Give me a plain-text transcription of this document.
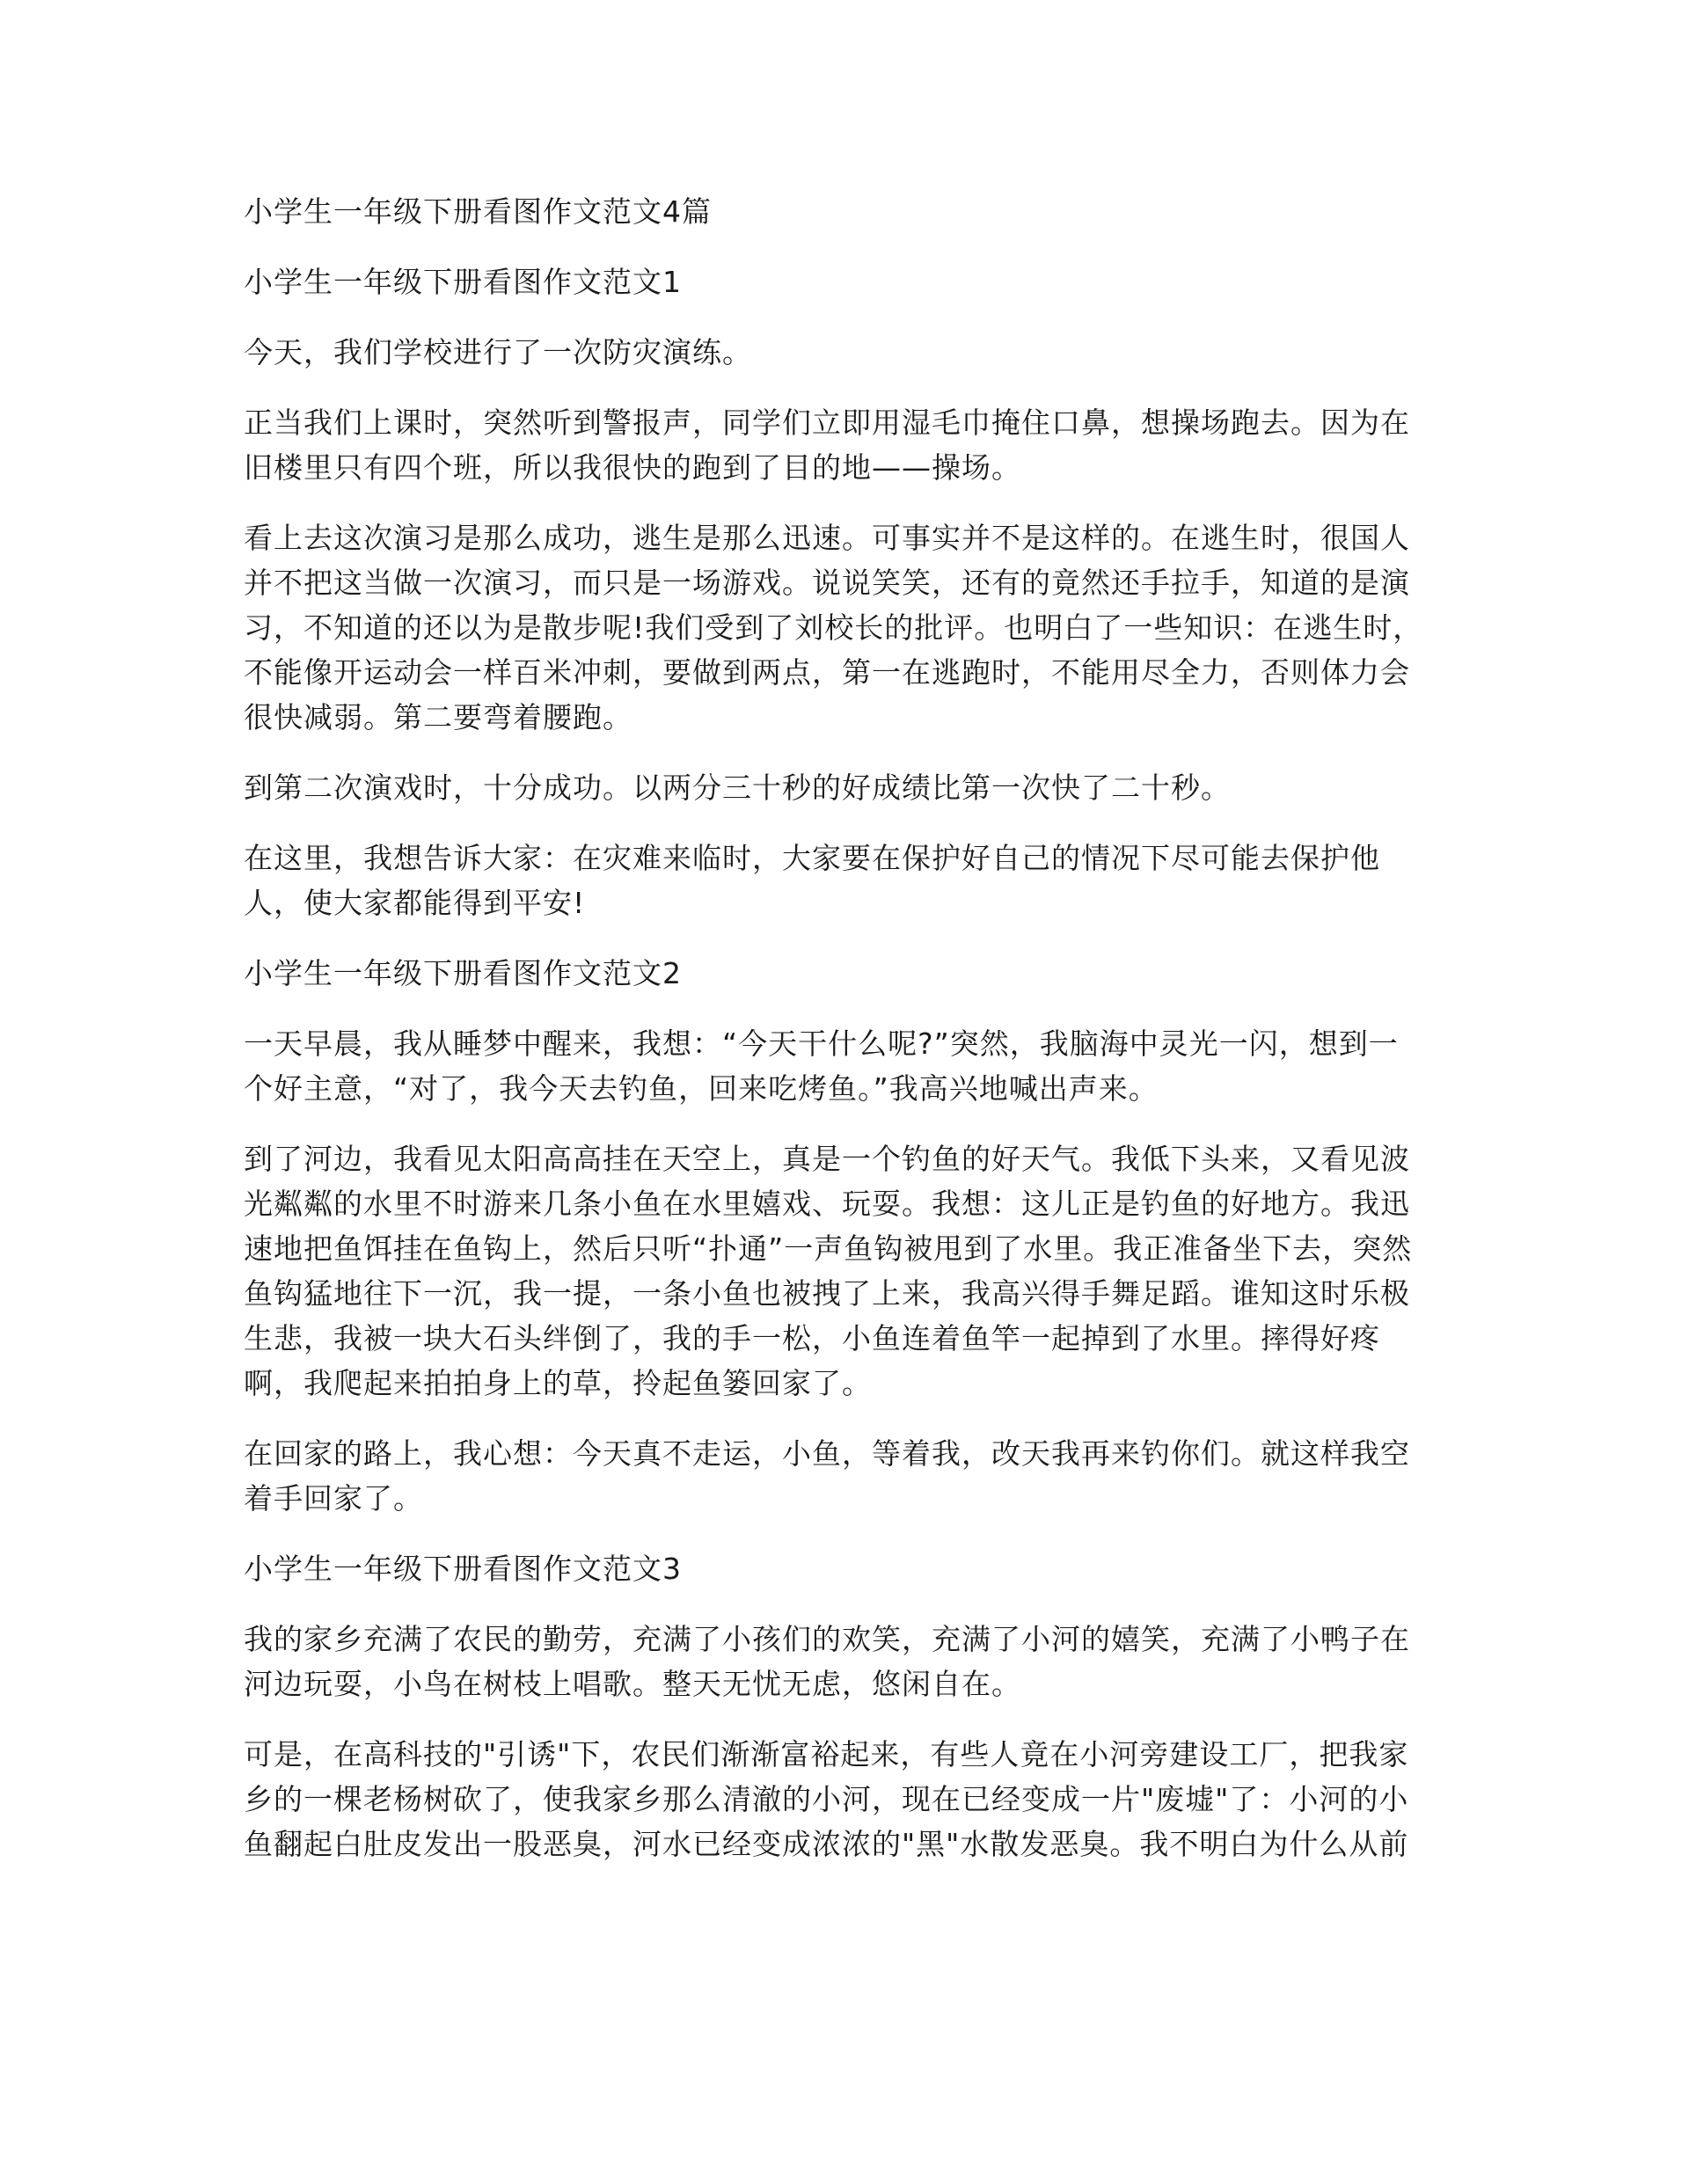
小学生一年级下册看图作文范文4篇

小学生一年级下册看图作文范文1

今天，我们学校进行了一次防灾演练。

正当我们上课时，突然听到警报声，同学们立即用湿毛巾掩住口鼻，想操场跑去。因为在旧楼里只有四个班，所以我很快的跑到了目的地——操场。

看上去这次演习是那么成功，逃生是那么迅速。可事实并不是这样的。在逃生时，很国人并不把这当做一次演习，而只是一场游戏。说说笑笑，还有的竟然还手拉手，知道的是演习，不知道的还以为是散步呢!我们受到了刘校长的批评。也明白了一些知识：在逃生时，不能像开运动会一样百米冲刺，要做到两点，第一在逃跑时，不能用尽全力，否则体力会很快减弱。第二要弯着腰跑。

到第二次演戏时，十分成功。以两分三十秒的好成绩比第一次快了二十秒。

在这里，我想告诉大家：在灾难来临时，大家要在保护好自己的情况下尽可能去保护他人，使大家都能得到平安!

小学生一年级下册看图作文范文2

一天早晨，我从睡梦中醒来，我想：“今天干什么呢?”突然，我脑海中灵光一闪，想到一个好主意，“对了，我今天去钓鱼，回来吃烤鱼。”我高兴地喊出声来。

到了河边，我看见太阳高高挂在天空上，真是一个钓鱼的好天气。我低下头来，又看见波光粼粼的水里不时游来几条小鱼在水里嬉戏、玩耍。我想：这儿正是钓鱼的好地方。我迅速地把鱼饵挂在鱼钩上，然后只听“扑通”一声鱼钩被甩到了水里。我正准备坐下去，突然鱼钩猛地往下一沉，我一提，一条小鱼也被拽了上来，我高兴得手舞足蹈。谁知这时乐极生悲，我被一块大石头绊倒了，我的手一松，小鱼连着鱼竿一起掉到了水里。摔得好疼啊，我爬起来拍拍身上的草，拎起鱼篓回家了。

在回家的路上，我心想：今天真不走运，小鱼，等着我，改天我再来钓你们。就这样我空着手回家了。

小学生一年级下册看图作文范文3

我的家乡充满了农民的勤劳，充满了小孩们的欢笑，充满了小河的嬉笑，充满了小鸭子在河边玩耍，小鸟在树枝上唱歌。整天无忧无虑，悠闲自在。

可是，在高科技的"引诱"下，农民们渐渐富裕起来，有些人竟在小河旁建设工厂，把我家乡的一棵老杨树砍了，使我家乡那么清澈的小河，现在已经变成一片"废墟"了：小河的小鱼翻起白肚皮发出一股恶臭，河水已经变成浓浓的"黑"水散发恶臭。我不明白为什么从前
